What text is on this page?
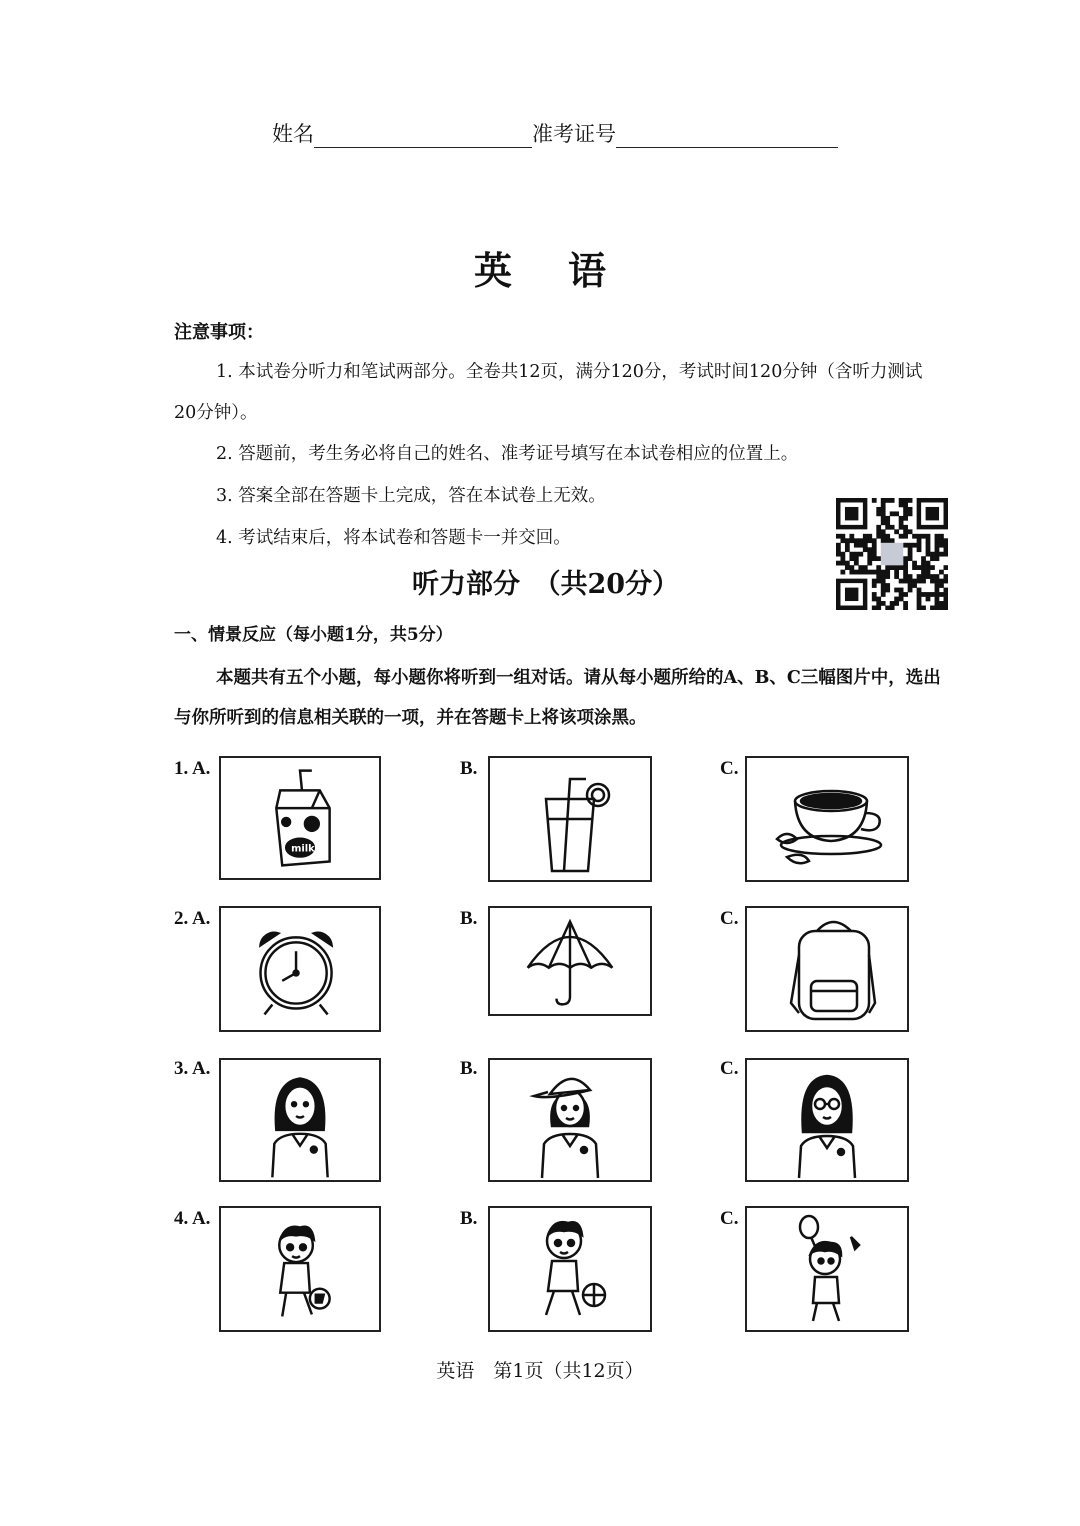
姓名	准考证号
英语
注意事项：
1. 本试卷分听力和笔试两部分。全卷共12页，满分120分，考试时间120分钟（含听力测试20分钟）。
2. 答题前，考生务必将自己的姓名、准考证号填写在本试卷相应的位置上。
3. 答案全部在答题卡上完成，答在本试卷上无效。
4. 考试结束后，将本试卷和答题卡一并交回。
听力部分　（共20分）
一、情景反应（每小题1分，共5分）
本题共有五个小题，每小题你将听到一组对话。请从每小题所给的A、B、C三幅图片中，选出与你所听到的信息相关联的一项，并在答题卡上将该项涂黑。
1. A.	B.	C.
milk
2. A.	B.	C.
3. A.	B.	C.
4. A.	B.	C.
英语　第1页（共12页）
